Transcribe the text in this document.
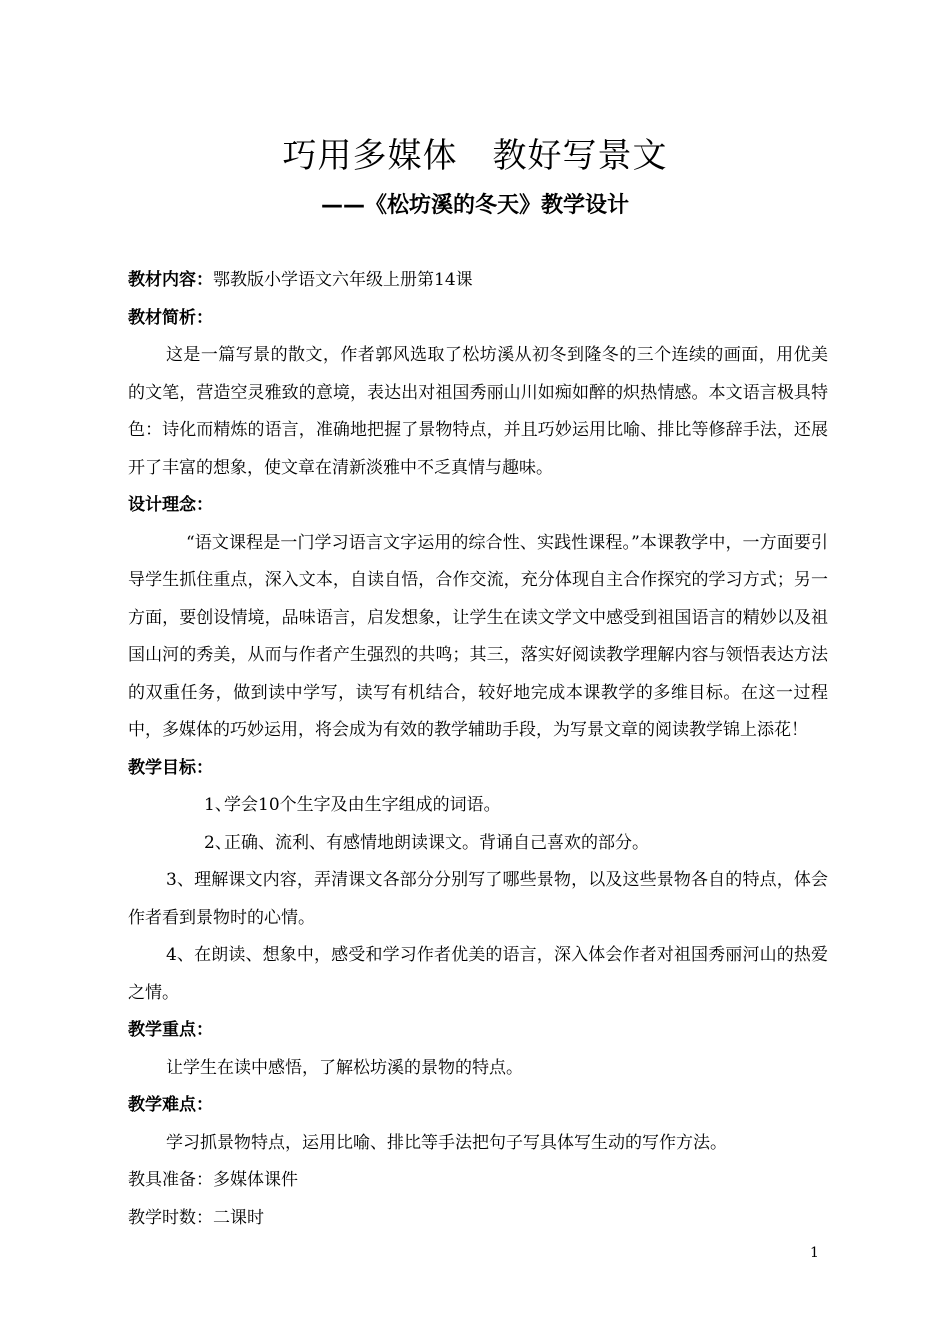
巧用多媒体　教好写景文
——《松坊溪的冬天》教学设计

教材内容：鄂教版小学语文六年级上册第14课

教材简析：

这是一篇写景的散文，作者郭风选取了松坊溪从初冬到隆冬的三个连续的画面，用优美的文笔，营造空灵雅致的意境，表达出对祖国秀丽山川如痴如醉的炽热情感。本文语言极具特色：诗化而精炼的语言，准确地把握了景物特点，并且巧妙运用比喻、排比等修辞手法，还展开了丰富的想象，使文章在清新淡雅中不乏真情与趣味。

设计理念：

“语文课程是一门学习语言文字运用的综合性、实践性课程。”本课教学中，一方面要引导学生抓住重点，深入文本，自读自悟，合作交流，充分体现自主合作探究的学习方式；另一方面，要创设情境，品味语言，启发想象，让学生在读文学文中感受到祖国语言的精妙以及祖国山河的秀美，从而与作者产生强烈的共鸣；其三，落实好阅读教学理解内容与领悟表达方法的双重任务，做到读中学写，读写有机结合，较好地完成本课教学的多维目标。在这一过程中，多媒体的巧妙运用，将会成为有效的教学辅助手段，为写景文章的阅读教学锦上添花！

教学目标：

1、学会10个生字及由生字组成的词语。

2、正确、流利、有感情地朗读课文。背诵自己喜欢的部分。

3、理解课文内容，弄清课文各部分分别写了哪些景物，以及这些景物各自的特点，体会作者看到景物时的心情。

4、在朗读、想象中，感受和学习作者优美的语言，深入体会作者对祖国秀丽河山的热爱之情。

教学重点：

让学生在读中感悟，了解松坊溪的景物的特点。

教学难点：

学习抓景物特点，运用比喻、排比等手法把句子写具体写生动的写作方法。

教具准备：多媒体课件

教学时数：二课时

1
